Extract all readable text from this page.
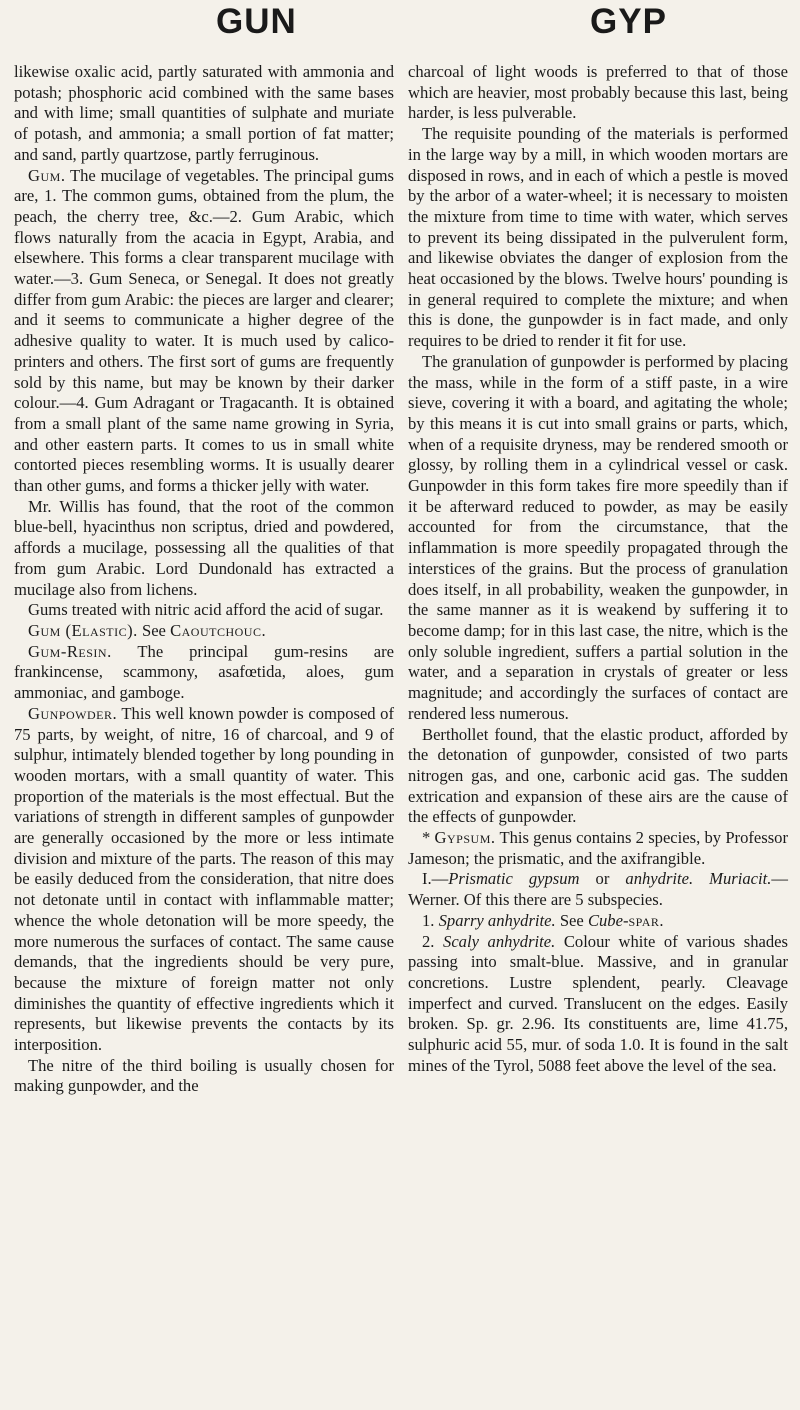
GUN	GYP

likewise oxalic acid, partly saturated with ammonia and potash; phosphoric acid combined with the same bases and with lime; small quantities of sulphate and muriate of potash, and ammonia; a small portion of fat matter; and sand, partly quartzose, partly ferruginous.

Gum. The mucilage of vegetables. The principal gums are, 1. The common gums, obtained from the plum, the peach, the cherry tree, &c.—2. Gum Arabic, which flows naturally from the acacia in Egypt, Arabia, and elsewhere. This forms a clear transparent mucilage with water.—3. Gum Seneca, or Senegal. It does not greatly differ from gum Arabic: the pieces are larger and clearer; and it seems to communicate a higher degree of the adhesive quality to water. It is much used by calico-printers and others. The first sort of gums are frequently sold by this name, but may be known by their darker colour.—4. Gum Adragant or Tragacanth. It is obtained from a small plant of the same name growing in Syria, and other eastern parts. It comes to us in small white contorted pieces resembling worms. It is usually dearer than other gums, and forms a thicker jelly with water.

Mr. Willis has found, that the root of the common blue-bell, hyacinthus non scriptus, dried and powdered, affords a mucilage, possessing all the qualities of that from gum Arabic. Lord Dundonald has extracted a mucilage also from lichens.

Gums treated with nitric acid afford the acid of sugar.

Gum (Elastic). See Caoutchouc.

Gum-Resin. The principal gum-resins are frankincense, scammony, asafœtida, aloes, gum ammoniac, and gamboge.

Gunpowder. This well known powder is composed of 75 parts, by weight, of nitre, 16 of charcoal, and 9 of sulphur, intimately blended together by long pounding in wooden mortars, with a small quantity of water. This proportion of the materials is the most effectual. But the variations of strength in different samples of gunpowder are generally occasioned by the more or less intimate division and mixture of the parts. The reason of this may be easily deduced from the consideration, that nitre does not detonate until in contact with inflammable matter; whence the whole detonation will be more speedy, the more numerous the surfaces of contact. The same cause demands, that the ingredients should be very pure, because the mixture of foreign matter not only diminishes the quantity of effective ingredients which it represents, but likewise prevents the contacts by its interposition.

The nitre of the third boiling is usually chosen for making gunpowder, and the

charcoal of light woods is preferred to that of those which are heavier, most probably because this last, being harder, is less pulverable.

The requisite pounding of the materials is performed in the large way by a mill, in which wooden mortars are disposed in rows, and in each of which a pestle is moved by the arbor of a water-wheel; it is necessary to moisten the mixture from time to time with water, which serves to prevent its being dissipated in the pulverulent form, and likewise obviates the danger of explosion from the heat occasioned by the blows. Twelve hours' pounding is in general required to complete the mixture; and when this is done, the gunpowder is in fact made, and only requires to be dried to render it fit for use.

The granulation of gunpowder is performed by placing the mass, while in the form of a stiff paste, in a wire sieve, covering it with a board, and agitating the whole; by this means it is cut into small grains or parts, which, when of a requisite dryness, may be rendered smooth or glossy, by rolling them in a cylindrical vessel or cask. Gunpowder in this form takes fire more speedily than if it be afterward reduced to powder, as may be easily accounted for from the circumstance, that the inflammation is more speedily propagated through the interstices of the grains. But the process of granulation does itself, in all probability, weaken the gunpowder, in the same manner as it is weakend by suffering it to become damp; for in this last case, the nitre, which is the only soluble ingredient, suffers a partial solution in the water, and a separation in crystals of greater or less magnitude; and accordingly the surfaces of contact are rendered less numerous.

Berthollet found, that the elastic product, afforded by the detonation of gunpowder, consisted of two parts nitrogen gas, and one, carbonic acid gas. The sudden extrication and expansion of these airs are the cause of the effects of gunpowder.

* Gypsum. This genus contains 2 species, by Professor Jameson; the prismatic, and the axifrangible.

I.—Prismatic gypsum or anhydrite. Muriacit.—Werner. Of this there are 5 subspecies.

1. Sparry anhydrite. See Cube-spar.

2. Scaly anhydrite. Colour white of various shades passing into smalt-blue. Massive, and in granular concretions. Lustre splendent, pearly. Cleavage imperfect and curved. Translucent on the edges. Easily broken. Sp. gr. 2.96. Its constituents are, lime 41.75, sulphuric acid 55, mur. of soda 1.0. It is found in the salt mines of the Tyrol, 5088 feet above the level of the sea.
